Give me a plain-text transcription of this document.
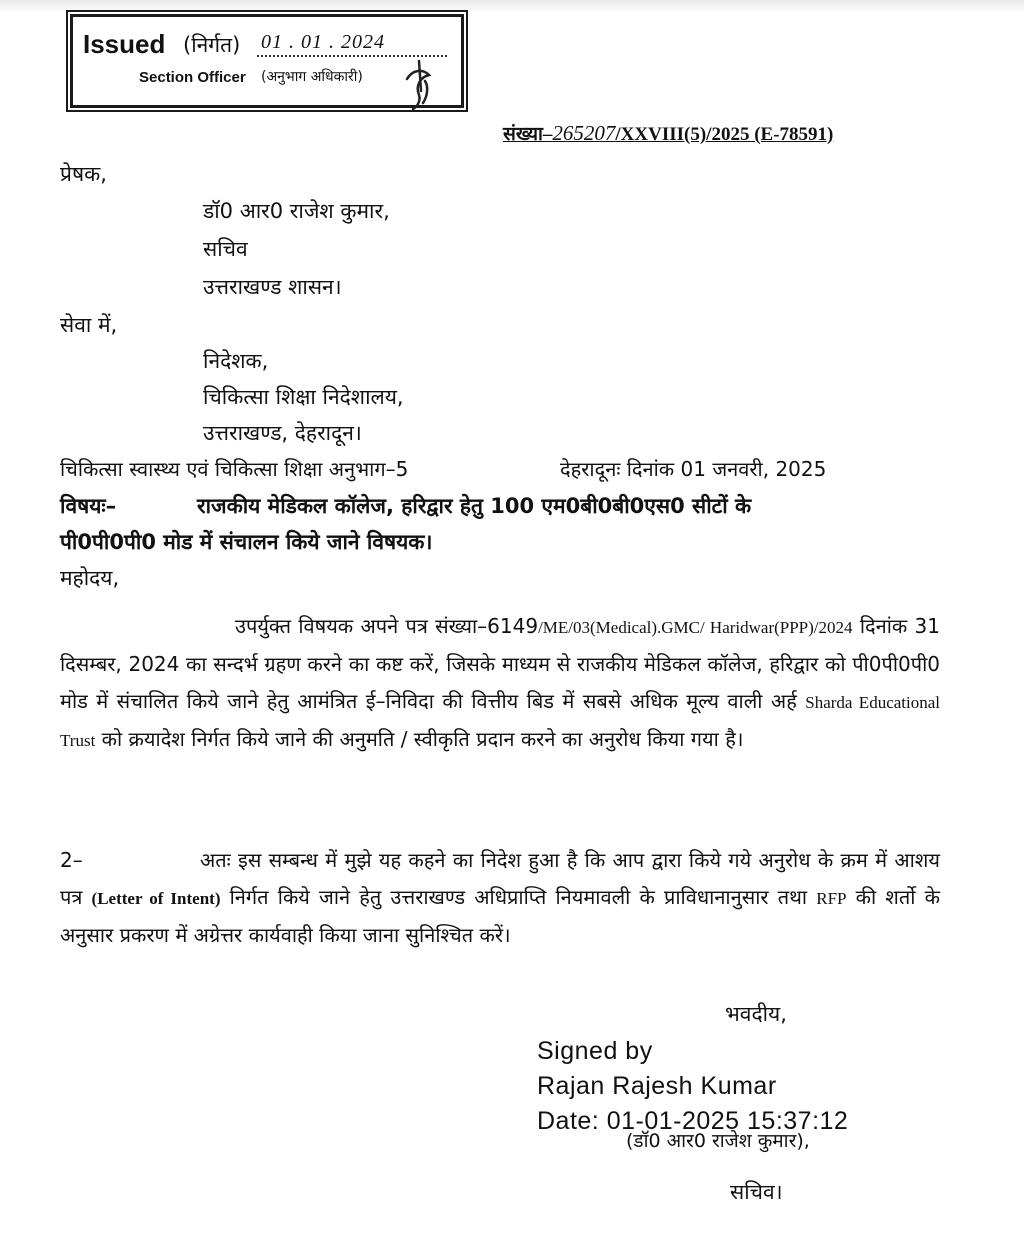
Issued (निर्गत) 01 . 01 . 2024
Section Officer (अनुभाग अधिकारी)
संख्या–265207/XXVIII(5)/2025 (E-78591)
प्रेषक,
डॉ0 आर0 राजेश कुमार,
सचिव
उत्तराखण्ड शासन।
सेवा में,
निदेशक,
चिकित्सा शिक्षा निदेशालय,
उत्तराखण्ड, देहरादून।
चिकित्सा स्वास्थ्य एवं चिकित्सा शिक्षा अनुभाग–5	देहरादूनः दिनांक 01 जनवरी, 2025
विषयः–	राजकीय मेडिकल कॉलेज, हरिद्वार हेतु 100 एम0बी0बी0एस0 सीटों के
पी0पी0पी0 मोड में संचालन किये जाने विषयक।
महोदय,
उपर्युक्त विषयक अपने पत्र संख्या–6149/ME/03(Medical).GMC/ Haridwar(PPP)/2024 दिनांक 31 दिसम्बर, 2024 का सन्दर्भ ग्रहण करने का कष्ट करें, जिसके माध्यम से राजकीय मेडिकल कॉलेज, हरिद्वार को पी0पी0पी0 मोड में संचालित किये जाने हेतु आमंत्रित ई–निविदा की वित्तीय बिड में सबसे अधिक मूल्य वाली अर्ह Sharda Educational Trust को क्रयादेश निर्गत किये जाने की अनुमति / स्वीकृति प्रदान करने का अनुरोध किया गया है।
2–	अतः इस सम्बन्ध में मुझे यह कहने का निदेश हुआ है कि आप द्वारा किये गये अनुरोध के क्रम में आशय पत्र (Letter of Intent) निर्गत किये जाने हेतु उत्तराखण्ड अधिप्राप्ति नियमावली के प्राविधानानुसार तथा RFP की शर्तो के अनुसार प्रकरण में अग्रेत्तर कार्यवाही किया जाना सुनिश्चित करें।
भवदीय,
Signed by
Rajan Rajesh Kumar
(डॉ0 आर0 राजेश कुमार),
Date: 01-01-2025 15:37:12
सचिव।
